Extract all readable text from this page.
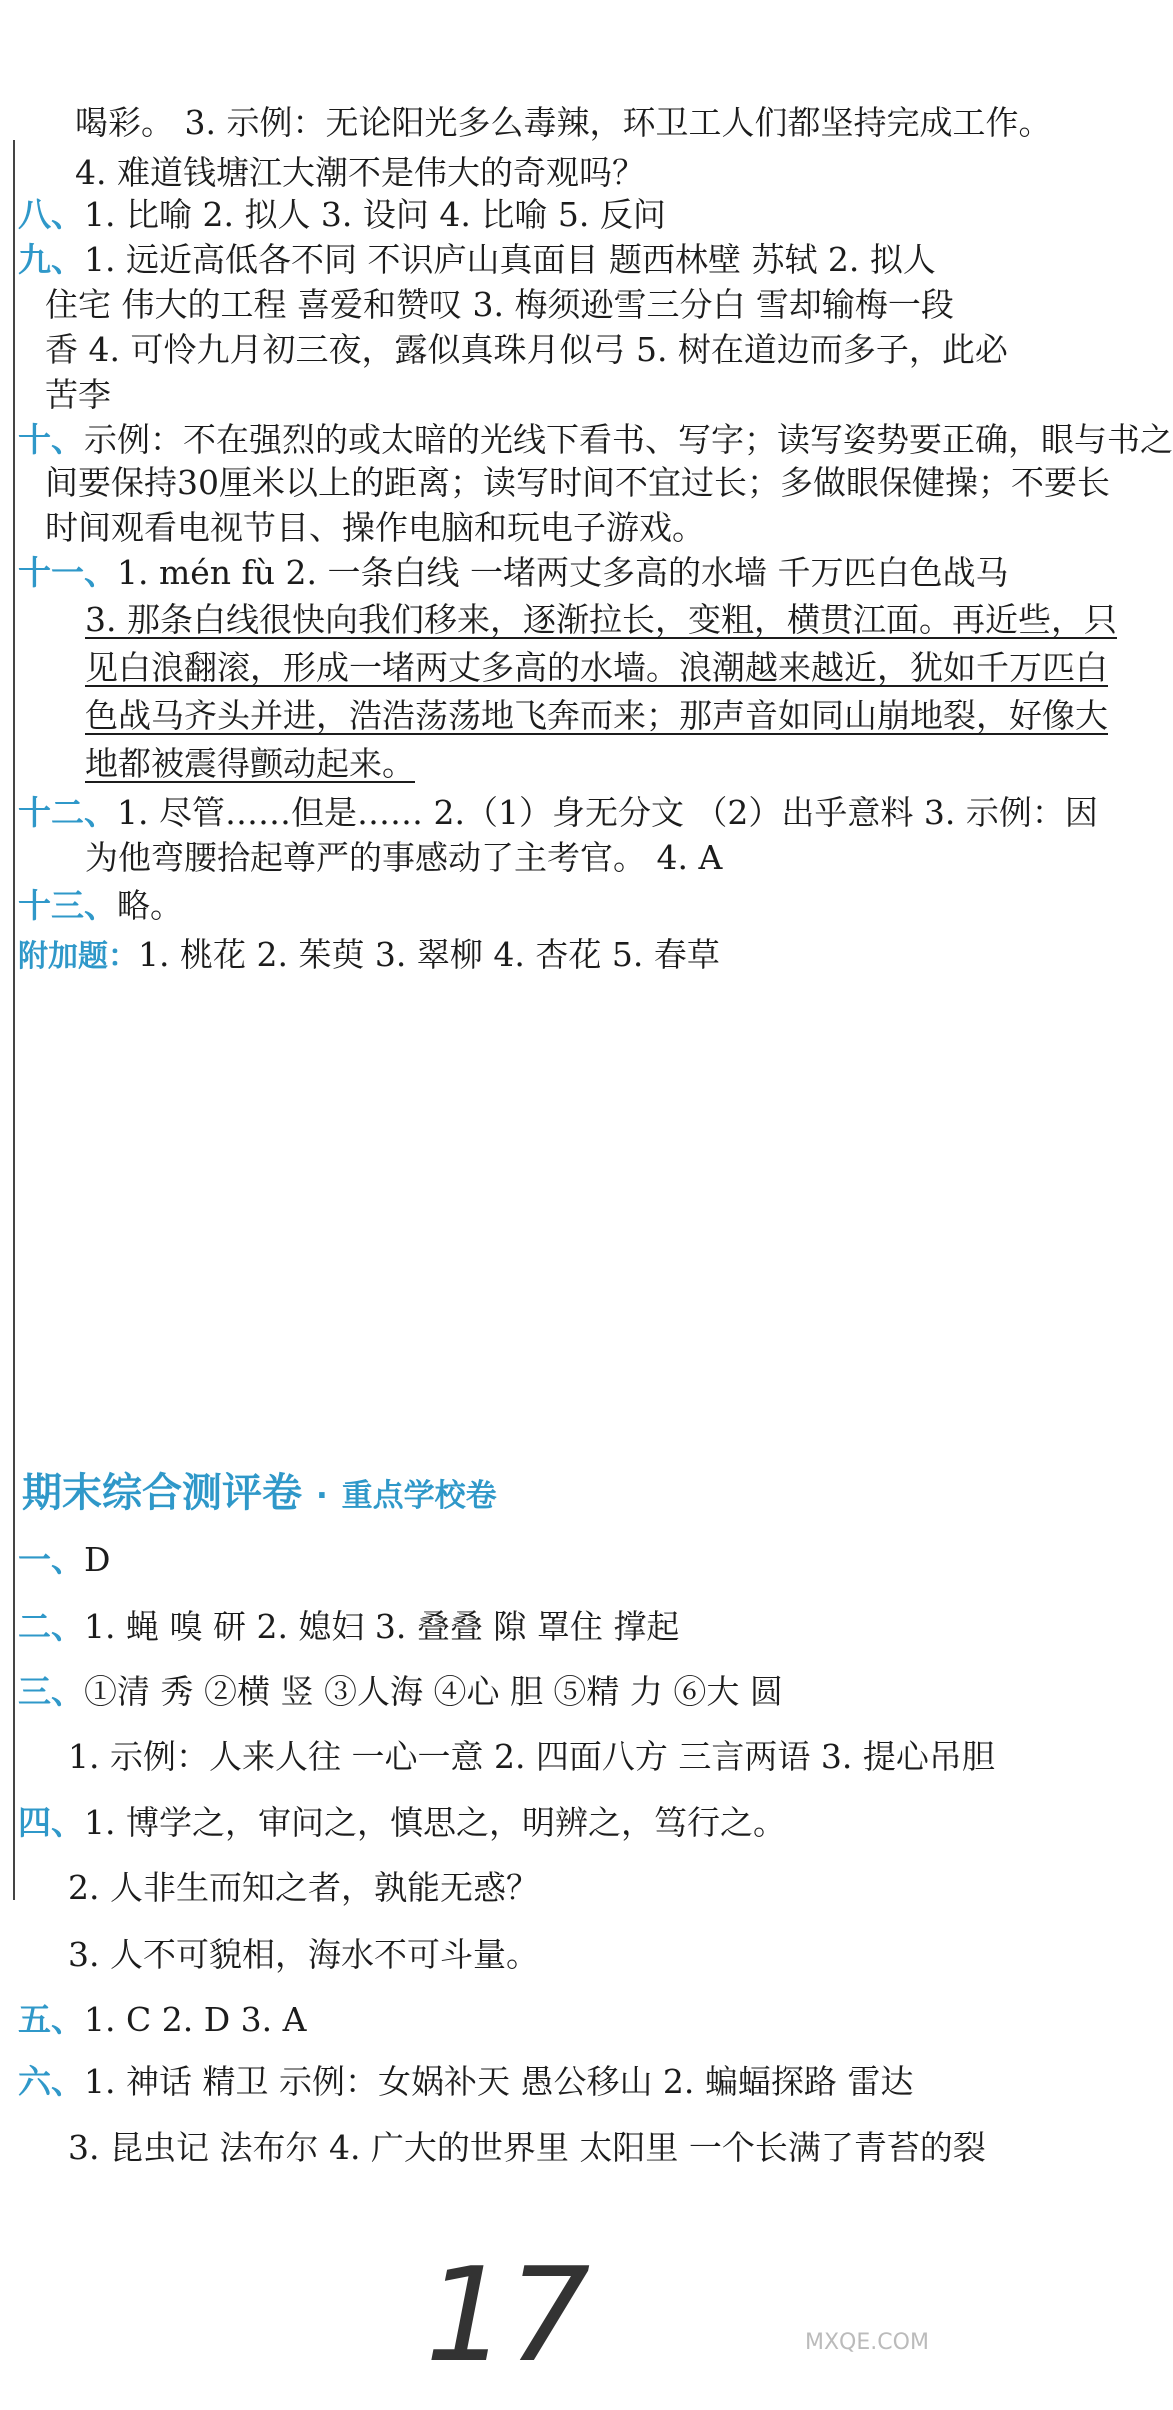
喝彩。 3. 示例：无论阳光多么毒辣，环卫工人们都坚持完成工作。
4. 难道钱塘江大潮不是伟大的奇观吗？
八、1. 比喻 2. 拟人 3. 设问 4. 比喻 5. 反问
九、1. 远近高低各不同 不识庐山真面目 题西林壁 苏轼 2. 拟人
住宅 伟大的工程 喜爱和赞叹 3. 梅须逊雪三分白 雪却输梅一段
香 4. 可怜九月初三夜，露似真珠月似弓 5. 树在道边而多子，此必
苦李
十、示例：不在强烈的或太暗的光线下看书、写字；读写姿势要正确，眼与书之
间要保持30厘米以上的距离；读写时间不宜过长；多做眼保健操；不要长
时间观看电视节目、操作电脑和玩电子游戏。
十一、1. mén fù 2. 一条白线 一堵两丈多高的水墙 千万匹白色战马
3. 那条白线很快向我们移来，逐渐拉长，变粗，横贯江面。再近些，只
见白浪翻滚，形成一堵两丈多高的水墙。浪潮越来越近，犹如千万匹白
色战马齐头并进，浩浩荡荡地飞奔而来；那声音如同山崩地裂，好像大
地都被震得颤动起来。
十二、1. 尽管……但是…… 2.（1）身无分文 （2）出乎意料 3. 示例：因
为他弯腰拾起尊严的事感动了主考官。 4. A
十三、略。
附加题：1. 桃花 2. 茱萸 3. 翠柳 4. 杏花 5. 春草
期末综合测评卷 · 重点学校卷
一、D
二、1. 蝇 嗅 研 2. 媳妇 3. 叠叠 隙 罩住 撑起
三、①清 秀 ②横 竖 ③人海 ④心 胆 ⑤精 力 ⑥大 圆
1. 示例：人来人往 一心一意 2. 四面八方 三言两语 3. 提心吊胆
四、1. 博学之，审问之，慎思之，明辨之，笃行之。
2. 人非生而知之者，孰能无惑？
3. 人不可貌相，海水不可斗量。
五、1. C 2. D 3. A
六、1. 神话 精卫 示例：女娲补天 愚公移山 2. 蝙蝠探路 雷达
3. 昆虫记 法布尔 4. 广大的世界里 太阳里 一个长满了青苔的裂
17	MXQE.COM
